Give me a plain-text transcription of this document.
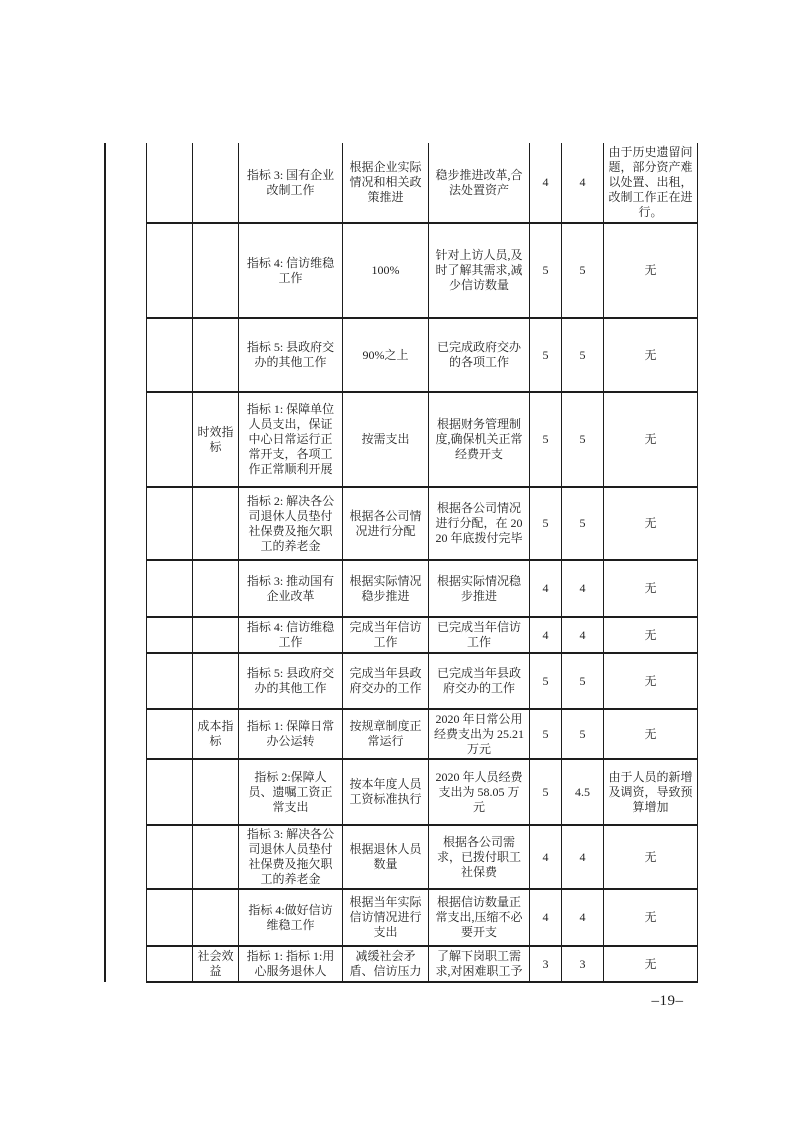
		指标 3: 国有企业改制工作	根据企业实际情况和相关政策推进	稳步推进改革,合法处置资产	4	4	由于历史遗留问题，部分资产难以处置、出租，改制工作正在进行。
		指标 4: 信访维稳工作	100%	针对上访人员,及时了解其需求,减少信访数量	5	5	无
		指标 5: 县政府交办的其他工作	90%之上	已完成政府交办的各项工作	5	5	无
	时效指标	指标 1: 保障单位人员支出，保证中心日常运行正常开支，各项工作正常顺利开展	按需支出	根据财务管理制度,确保机关正常经费开支	5	5	无
		指标 2: 解决各公司退休人员垫付社保费及拖欠职工的养老金	根据各公司情况进行分配	根据各公司情况进行分配，在 2020 年底拨付完毕	5	5	无
		指标 3: 推动国有企业改革	根据实际情况稳步推进	根据实际情况稳步推进	4	4	无
		指标 4: 信访维稳工作	完成当年信访工作	已完成当年信访工作	4	4	无
		指标 5: 县政府交办的其他工作	完成当年县政府交办的工作	已完成当年县政府交办的工作	5	5	无
	成本指标	指标 1: 保障日常办公运转	按规章制度正常运行	2020 年日常公用经费支出为 25.21 万元	5	5	无
		指标 2:保障人员、遗嘱工资正常支出	按本年度人员工资标准执行	2020 年人员经费支出为 58.05 万元	5	4.5	由于人员的新增及调资，导致预算增加
		指标 3: 解决各公司退休人员垫付社保费及拖欠职工的养老金	根据退休人员数量	根据各公司需求，已拨付职工社保费	4	4	无
		指标 4:做好信访维稳工作	根据当年实际信访情况进行支出	根据信访数量正常支出,压缩不必要开支	4	4	无
	社会效益	指标 1: 指标 1:用心服务退休人	减缓社会矛盾、信访压力	了解下岗职工需求,对困难职工予	3	3	无
–19–
